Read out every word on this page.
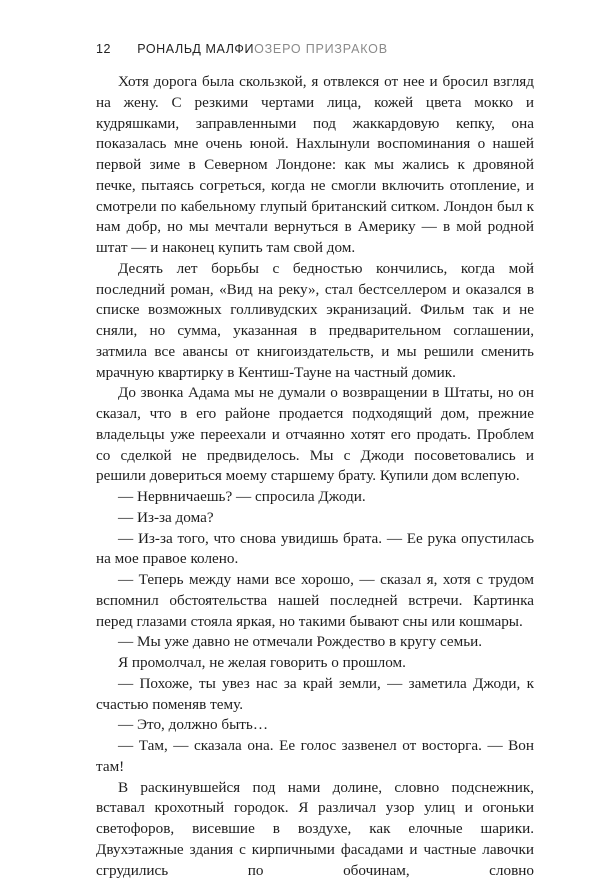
12 РОНАЛЬД МАЛФИОЗЕРО ПРИЗРАКОВ

Хотя дорога была скользкой, я отвлекся от нее и бросил взгляд на жену. С резкими чертами лица, кожей цвета мокко и кудряшками, заправленными под жаккардовую кепку, она показалась мне очень юной. Нахлынули воспоминания о нашей первой зиме в Северном Лондоне: как мы жались к дровяной печке, пытаясь согреться, когда не смогли включить отопление, и смотрели по кабельному глупый британский ситком. Лондон был к нам добр, но мы мечтали вернуться в Америку — в мой родной штат — и наконец купить там свой дом.

Десять лет борьбы с бедностью кончились, когда мой последний роман, «Вид на реку», стал бестселлером и оказался в списке возможных голливудских экранизаций. Фильм так и не сняли, но сумма, указанная в предварительном соглашении, затмила все авансы от книгоиздательств, и мы решили сменить мрачную квартирку в Кентиш-Тауне на частный домик.

До звонка Адама мы не думали о возвращении в Штаты, но он сказал, что в его районе продается подходящий дом, прежние владельцы уже переехали и отчаянно хотят его продать. Проблем со сделкой не предвиделось. Мы с Джоди посоветовались и решили довериться моему старшему брату. Купили дом вслепую.

— Нервничаешь? — спросила Джоди.

— Из-за дома?

— Из-за того, что снова увидишь брата. — Ее рука опустилась на мое правое колено.

— Теперь между нами все хорошо, — сказал я, хотя с трудом вспомнил обстоятельства нашей последней встречи. Картинка перед глазами стояла яркая, но такими бывают сны или кошмары.

— Мы уже давно не отмечали Рождество в кругу семьи.

Я промолчал, не желая говорить о прошлом.

— Похоже, ты увез нас за край земли, — заметила Джоди, к счастью поменяв тему.

— Это, должно быть…

— Там, — сказала она. Ее голос зазвенел от восторга. — Вон там!

В раскинувшейся под нами долине, словно подснежник, вставал крохотный городок. Я различал узор улиц и огоньки светофоров, висевшие в воздухе, как елочные шарики. Двухэтажные здания с кирпичными фасадами и частные лавочки сгрудились по обочинам, словно
